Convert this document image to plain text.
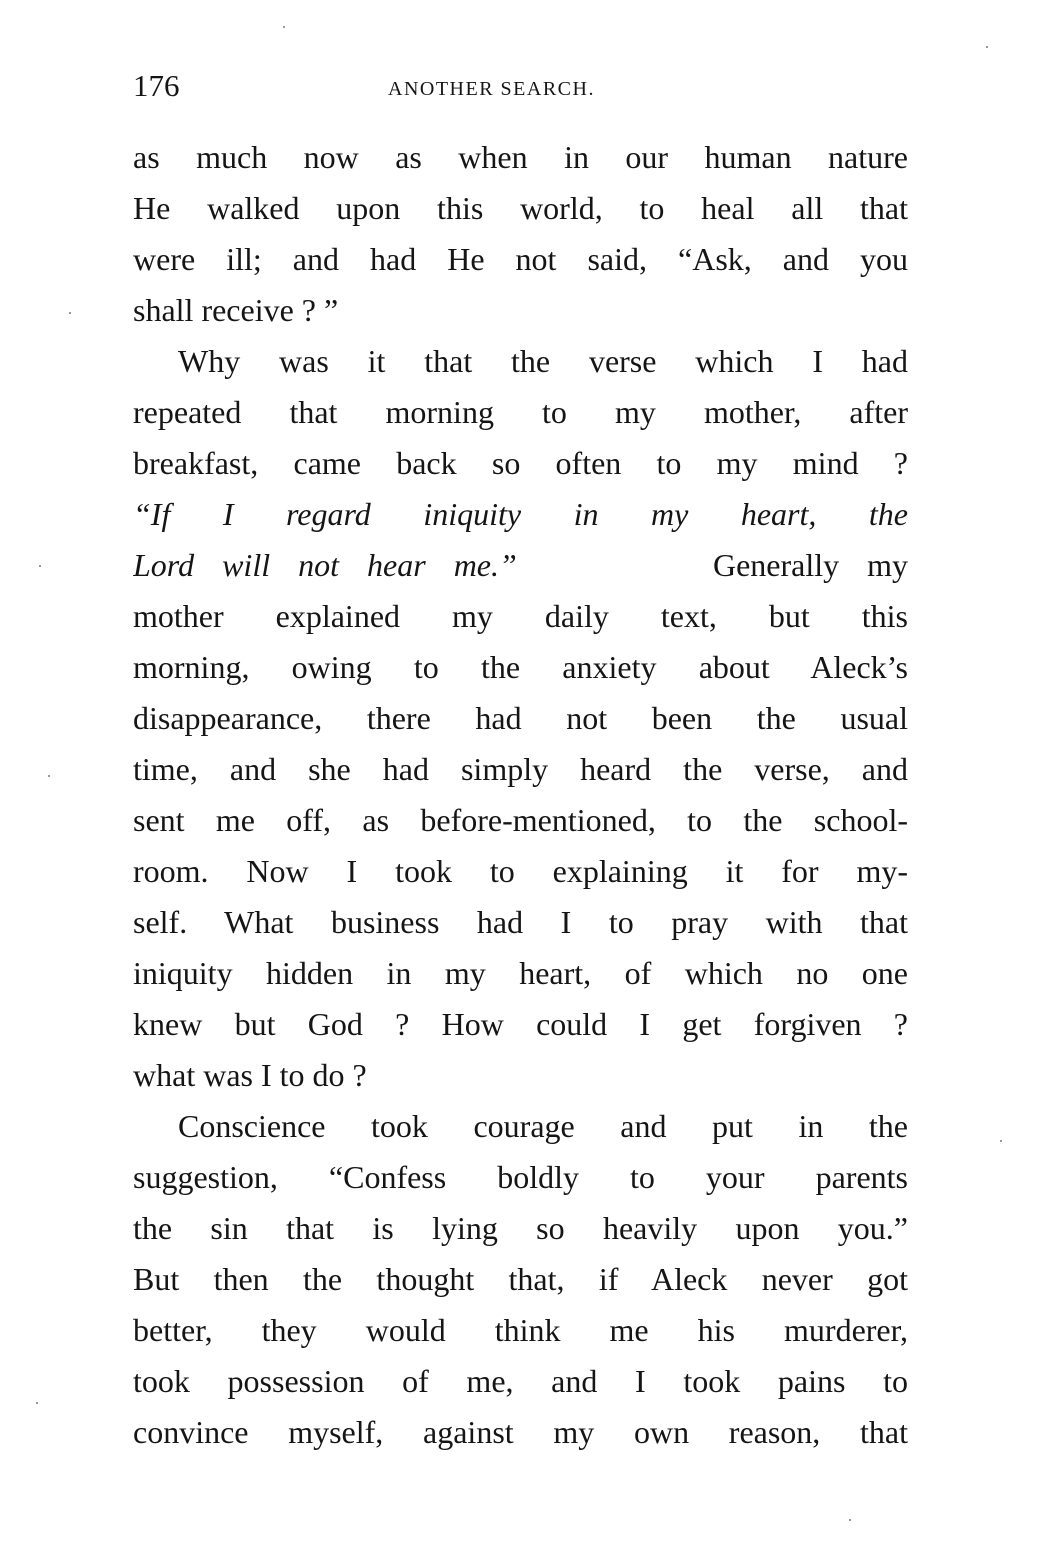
176	ANOTHER SEARCH.
as much now as when in our human nature
He walked upon this world, to heal all that
were ill; and had He not said, “Ask, and you
shall receive ? ”
Why was it that the verse which I had
repeated that morning to my mother, after
breakfast, came back so often to my mind ?
“If I regard iniquity in my heart, the
Lord will not hear me.”	Generally my
mother explained my daily text, but this
morning, owing to the anxiety about Aleck’s
disappearance, there had not been the usual
time, and she had simply heard the verse, and
sent me off, as before-mentioned, to the school-
room. Now I took to explaining it for my-
self. What business had I to pray with that
iniquity hidden in my heart, of which no one
knew but God ? How could I get forgiven ?
what was I to do ?
Conscience took courage and put in the
suggestion, “Confess boldly to your parents
the sin that is lying so heavily upon you.”
But then the thought that, if Aleck never got
better, they would think me his murderer,
took possession of me, and I took pains to
convince myself, against my own reason, that
